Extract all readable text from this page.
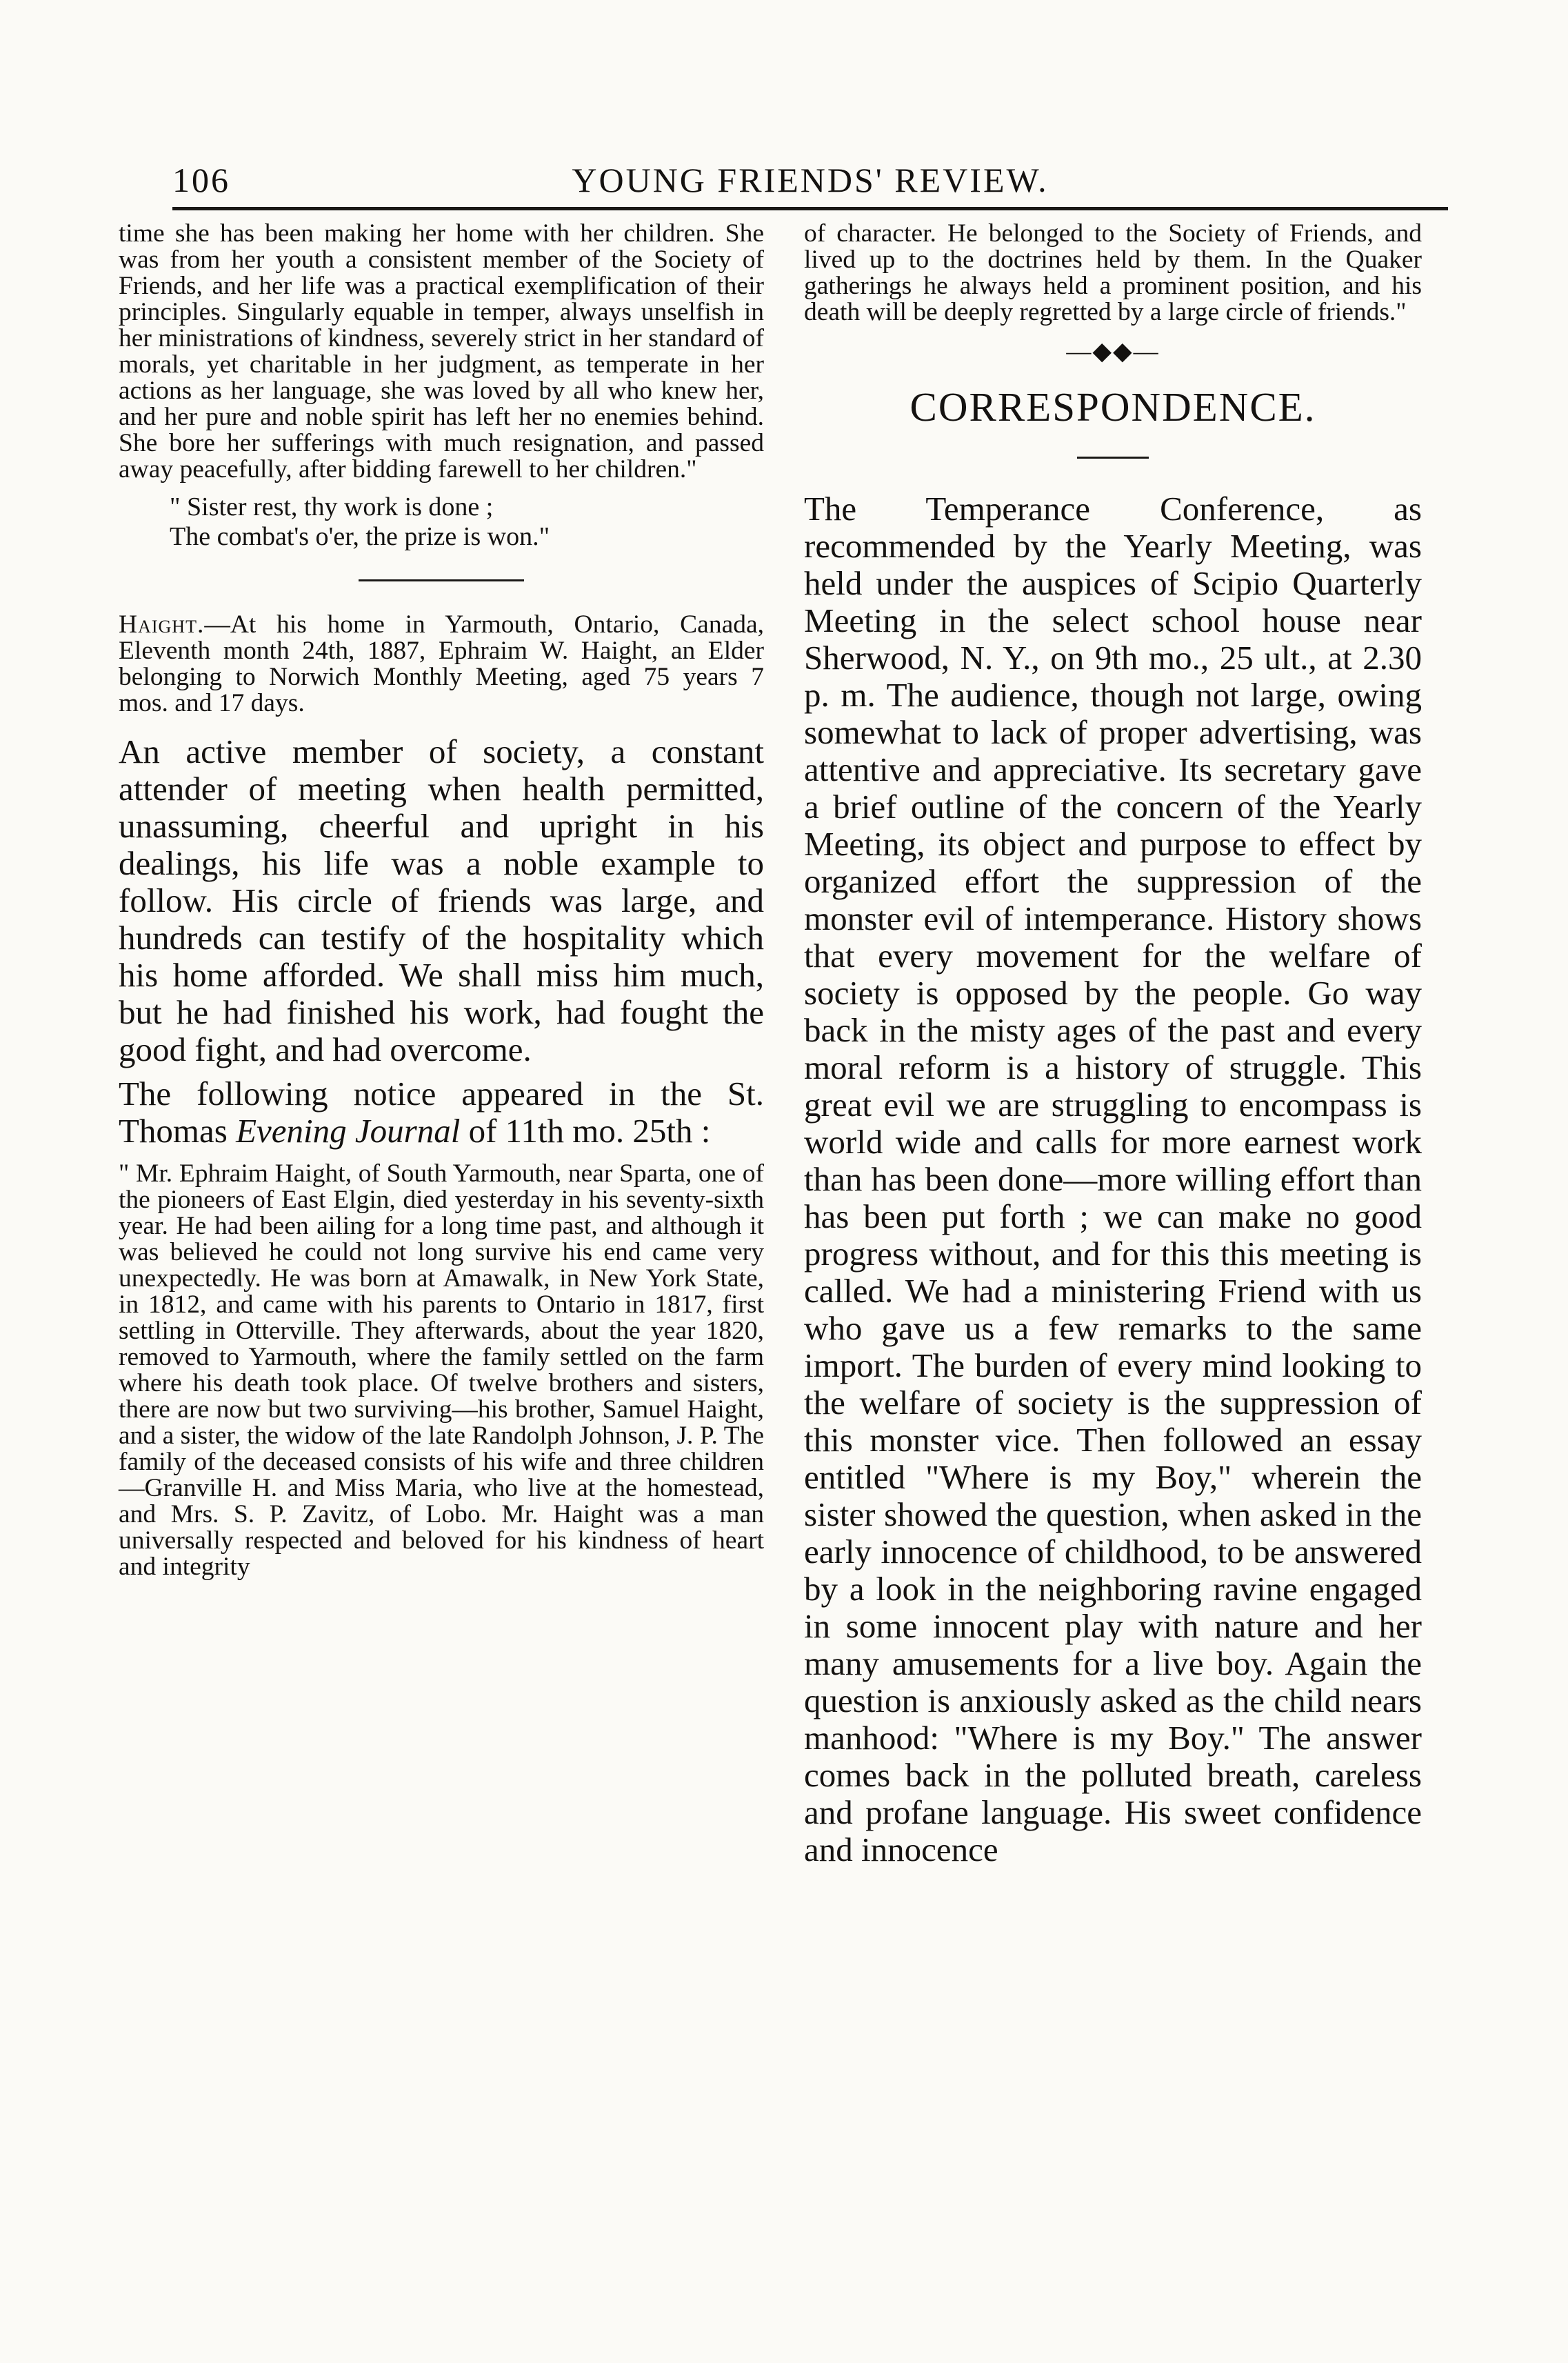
106	YOUNG FRIENDS' REVIEW.

time she has been making her home with her children. She was from her youth a consistent member of the Society of Friends, and her life was a practical exemplification of their principles. Singularly equable in temper, always unselfish in her ministrations of kindness, severely strict in her standard of morals, yet charitable in her judgment, as temperate in her actions as her language, she was loved by all who knew her, and her pure and noble spirit has left her no enemies behind. She bore her sufferings with much resignation, and passed away peacefully, after bidding farewell to her children."

" Sister rest, thy work is done ;
The combat's o'er, the prize is won."

Haight.—At his home in Yarmouth, Ontario, Canada, Eleventh month 24th, 1887, Ephraim W. Haight, an Elder belonging to Norwich Monthly Meeting, aged 75 years 7 mos. and 17 days.

An active member of society, a constant attender of meeting when health permitted, unassuming, cheerful and upright in his dealings, his life was a noble example to follow. His circle of friends was large, and hundreds can testify of the hospitality which his home afforded. We shall miss him much, but he had finished his work, had fought the good fight, and had overcome.

The following notice appeared in the St. Thomas Evening Journal of 11th mo. 25th :

" Mr. Ephraim Haight, of South Yarmouth, near Sparta, one of the pioneers of East Elgin, died yesterday in his seventy-sixth year. He had been ailing for a long time past, and although it was believed he could not long survive his end came very unexpectedly. He was born at Amawalk, in New York State, in 1812, and came with his parents to Ontario in 1817, first settling in Otterville. They afterwards, about the year 1820, removed to Yarmouth, where the family settled on the farm where his death took place. Of twelve brothers and sisters, there are now but two surviving—his brother, Samuel Haight, and a sister, the widow of the late Randolph Johnson, J. P. The family of the deceased consists of his wife and three children—Granville H. and Miss Maria, who live at the homestead, and Mrs. S. P. Zavitz, of Lobo. Mr. Haight was a man universally respected and beloved for his kindness of heart and integrity

of character. He belonged to the Society of Friends, and lived up to the doctrines held by them. In the Quaker gatherings he always held a prominent position, and his death will be deeply regretted by a large circle of friends."

—◆◆—
CORRESPONDENCE.

The Temperance Conference, as recommended by the Yearly Meeting, was held under the auspices of Scipio Quarterly Meeting in the select school house near Sherwood, N. Y., on 9th mo., 25 ult., at 2.30 p. m. The audience, though not large, owing somewhat to lack of proper advertising, was attentive and appreciative. Its secretary gave a brief outline of the concern of the Yearly Meeting, its object and purpose to effect by organized effort the suppression of the monster evil of intemperance. History shows that every movement for the welfare of society is opposed by the people. Go way back in the misty ages of the past and every moral reform is a history of struggle. This great evil we are struggling to encompass is world wide and calls for more earnest work than has been done—more willing effort than has been put forth ; we can make no good progress without, and for this this meeting is called. We had a ministering Friend with us who gave us a few remarks to the same import. The burden of every mind looking to the welfare of society is the suppression of this monster vice. Then followed an essay entitled "Where is my Boy," wherein the sister showed the question, when asked in the early innocence of childhood, to be answered by a look in the neighboring ravine engaged in some innocent play with nature and her many amusements for a live boy. Again the question is anxiously asked as the child nears manhood: "Where is my Boy." The answer comes back in the polluted breath, careless and profane language. His sweet confidence and innocence
